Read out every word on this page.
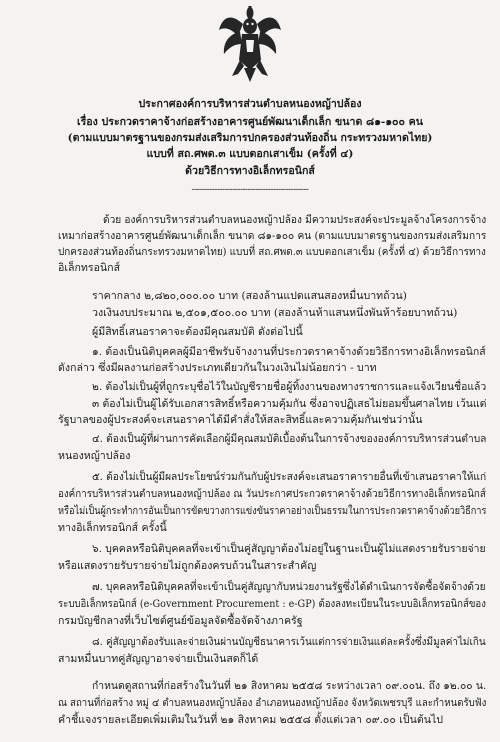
ประกาศองค์การบริหารส่วนตำบลหนองหญ้าปล้อง
เรื่อง ประกวดราคาจ้างก่อสร้างอาคารศูนย์พัฒนาเด็กเล็ก ขนาด ๘๑-๑๐๐ คน
(ตามแบบมาตรฐานของกรมส่งเสริมการปกครองส่วนท้องถิ่น กระทรวงมหาดไทย)
แบบที่ สถ.ศพด.๓ แบบตอกเสาเข็ม (ครั้งที่ ๔)
ด้วยวิธีการทางอิเล็กทรอนิกส์
----------------------------------------------
ด้วย องค์การบริหารส่วนตำบลหนองหญ้าปล้อง มีความประสงค์จะประมูลจ้างโครงการจ้าง
เหมาก่อสร้างอาคารศูนย์พัฒนาเด็กเล็ก ขนาด ๘๑-๑๐๐ คน (ตามแบบมาตรฐานของกรมส่งเสริมการ
ปกครองส่วนท้องถิ่นกระทรวงมหาดไทย) แบบที่ สถ.ศพด.๓ แบบตอกเสาเข็ม (ครั้งที่ ๔) ด้วยวิธีการทาง
อิเล็กทรอนิกส์
ราคากลาง ๒,๘๒๐,๐๐๐.๐๐ บาท (สองล้านแปดแสนสองหมื่นบาทถ้วน)
วงเงินงบประมาณ ๒,๕๐๑,๕๐๐.๐๐ บาท (สองล้านห้าแสนหนึ่งพันห้าร้อยบาทถ้วน)
ผู้มีสิทธิ์เสนอราคาจะต้องมีคุณสมบัติ ดังต่อไปนี้
๑. ต้องเป็นนิติบุคคลผู้มีอาชีพรับจ้างงานที่ประกวดราคาจ้างด้วยวิธีการทางอิเล็กทรอนิกส์
ดังกล่าว ซึ่งมีผลงานก่อสร้างประเภทเดียวกันในวงเงินไม่น้อยกว่า - บาท
๒. ต้องไม่เป็นผู้ที่ถูกระบุชื่อไว้ในบัญชีรายชื่อผู้ทิ้งงานของทางราชการและแจ้งเวียนชื่อแล้ว
๓ ต้องไม่เป็นผู้ได้รับเอกสารสิทธิ์หรือความคุ้มกัน ซึ่งอาจปฏิเสธไม่ยอมขึ้นศาลไทย เว้นแต่
รัฐบาลของผู้ประสงค์จะเสนอราคาได้มีคำสั่งให้สละสิทธิ์และความคุ้มกันเช่นว่านั้น
๔. ต้องเป็นผู้ที่ผ่านการคัดเลือกผู้มีคุณสมบัติเบื้องต้นในการจ้างขององค์การบริหารส่วนตำบล
หนองหญ้าปล้อง
๕. ต้องไม่เป็นผู้มีผลประโยชน์ร่วมกันกับผู้ประสงค์จะเสนอราคารายอื่นที่เข้าเสนอราคาให้แก่
องค์การบริหารส่วนตำบลหนองหญ้าปล้อง ณ วันประกาศประกวดราคาจ้างด้วยวิธีการทางอิเล็กทรอนิกส์
หรือไม่เป็นผู้กระทำการอันเป็นการขัดขวางการแข่งขันราคาอย่างเป็นธรรมในการประกวดราคาจ้างด้วยวิธีการ
ทางอิเล็กทรอนิกส์ ครั้งนี้
๖. บุคคลหรือนิติบุคคลที่จะเข้าเป็นคู่สัญญาต้องไม่อยู่ในฐานะเป็นผู้ไม่แสดงรายรับรายจ่าย
หรือแสดงรายรับรายจ่ายไม่ถูกต้องครบถ้วนในสาระสำคัญ
๗. บุคคลหรือนิติบุคคลที่จะเข้าเป็นคู่สัญญากับหน่วยงานรัฐซึ่งได้ดำเนินการจัดซื้อจัดจ้างด้วย
ระบบอิเล็กทรอนิกส์ (e-Government Procurement : e-GP) ต้องลงทะเบียนในระบบอิเล็กทรอนิกส์ของ
กรมบัญชีกลางที่เว็บไซต์ศูนย์ข้อมูลจัดซื้อจัดจ้างภาครัฐ
๘. คู่สัญญาต้องรับและจ่ายเงินผ่านบัญชีธนาคารเว้นแต่การจ่ายเงินแต่ละครั้งซึ่งมีมูลค่าไม่เกิน
สามหมื่นบาทคู่สัญญาอาจจ่ายเป็นเงินสดก็ได้
กำหนดดูสถานที่ก่อสร้างในวันที่ ๒๑ สิงหาคม ๒๕๕๘ ระหว่างเวลา ๐๙.๐๐น. ถึง ๑๒.๐๐ น.
ณ สถานที่ก่อสร้าง หมู่ ๔ ตำบลหนองหญ้าปล้อง อำเภอหนองหญ้าปล้อง จังหวัดเพชรบุรี และกำหนดรับฟัง
คำชี้แจงรายละเอียดเพิ่มเติมในวันที่ ๒๑ สิงหาคม ๒๕๕๘ ตั้งแต่เวลา ๐๙.๐๐ เป็นต้นไป
